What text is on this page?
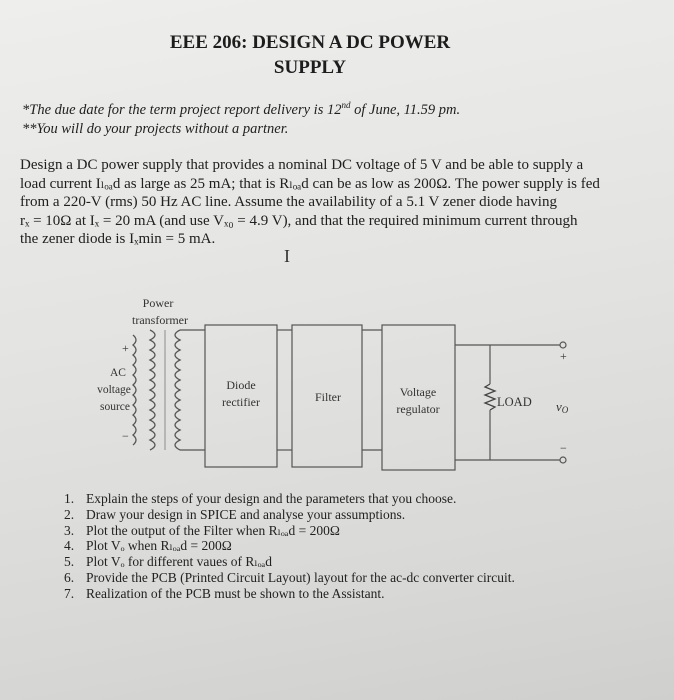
EEE 206: DESIGN A DC POWER
SUPPLY
*The due date for the term project report delivery is 12nd of June, 11.59 pm.
**You will do your projects without a partner.
Design a DC power supply that provides a nominal DC voltage of 5 V and be able to supply a
load current Iₗₒₐd as large as 25 mA; that is Rₗₒₐd can be as low as 200Ω. The power supply is fed
from a 220-V (rms) 50 Hz AC line. Assume the availability of a 5.1 V zener diode having
rₓ = 10Ω at Iₓ = 20 mA (and use Vₓ₀ = 4.9 V), and that the required minimum current through
the zener diode is Iₓmin = 5 mA.
I
Power
transformer
AC
voltage
source
+
−
Diode
rectifier	Filter	Voltage
regulator	LOAD
+
−
vO
1. Explain the steps of your design and the parameters that you choose.
2. Draw your design in SPICE and analyse your assumptions.
3. Plot the output of the Filter when Rₗₒₐd = 200Ω
4. Plot Vₒ when Rₗₒₐd = 200Ω
5. Plot Vₒ for different vaues of Rₗₒₐd
6. Provide the PCB (Printed Circuit Layout) layout for the ac-dc converter circuit.
7. Realization of the PCB must be shown to the Assistant.
